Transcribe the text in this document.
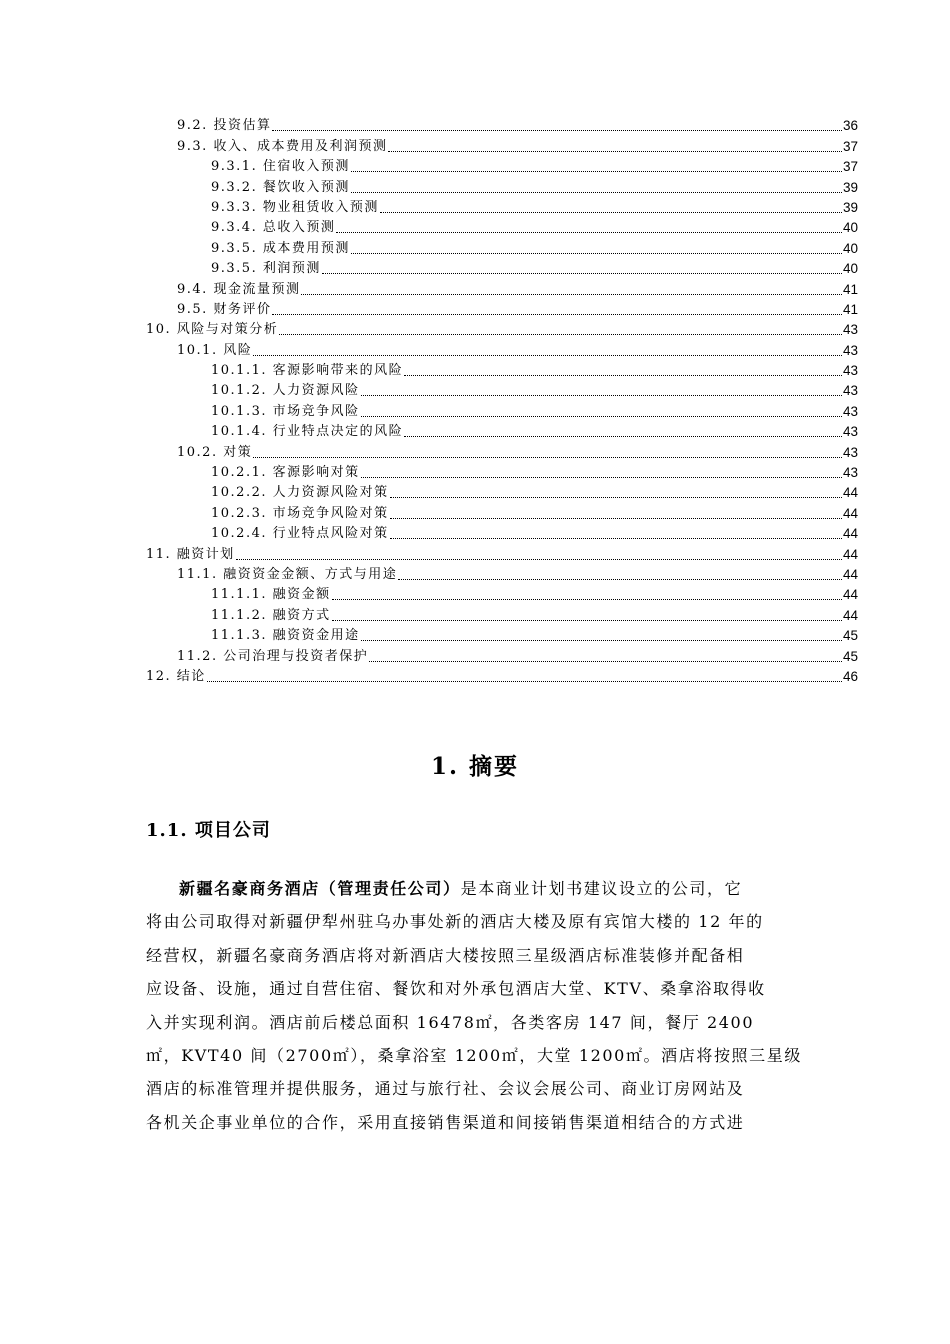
9.2. 投资估算	36
9.3. 收入、成本费用及利润预测	37
9.3.1. 住宿收入预测	37
9.3.2. 餐饮收入预测	39
9.3.3. 物业租赁收入预测	39
9.3.4. 总收入预测	40
9.3.5. 成本费用预测	40
9.3.5. 利润预测	40
9.4. 现金流量预测	41
9.5. 财务评价	41
10. 风险与对策分析	43
10.1. 风险	43
10.1.1. 客源影响带来的风险	43
10.1.2. 人力资源风险	43
10.1.3. 市场竞争风险	43
10.1.4. 行业特点决定的风险	43
10.2. 对策	43
10.2.1. 客源影响对策	43
10.2.2. 人力资源风险对策	44
10.2.3. 市场竞争风险对策	44
10.2.4. 行业特点风险对策	44
11. 融资计划	44
11.1. 融资资金金额、方式与用途	44
11.1.1. 融资金额	44
11.1.2. 融资方式	44
11.1.3. 融资资金用途	45
11.2. 公司治理与投资者保护	45
12. 结论	46
1. 摘要
1.1. 项目公司
新疆名豪商务酒店（管理责任公司）是本商业计划书建议设立的公司，它
将由公司取得对新疆伊犁州驻乌办事处新的酒店大楼及原有宾馆大楼的 12 年的
经营权，新疆名豪商务酒店将对新酒店大楼按照三星级酒店标准装修并配备相
应设备、设施，通过自营住宿、餐饮和对外承包酒店大堂、KTV、桑拿浴取得收
入并实现利润。酒店前后楼总面积 16478㎡，各类客房 147 间，餐厅 2400
㎡，KVT40 间（2700㎡），桑拿浴室 1200㎡，大堂 1200㎡。酒店将按照三星级
酒店的标准管理并提供服务，通过与旅行社、会议会展公司、商业订房网站及
各机关企事业单位的合作，采用直接销售渠道和间接销售渠道相结合的方式进
